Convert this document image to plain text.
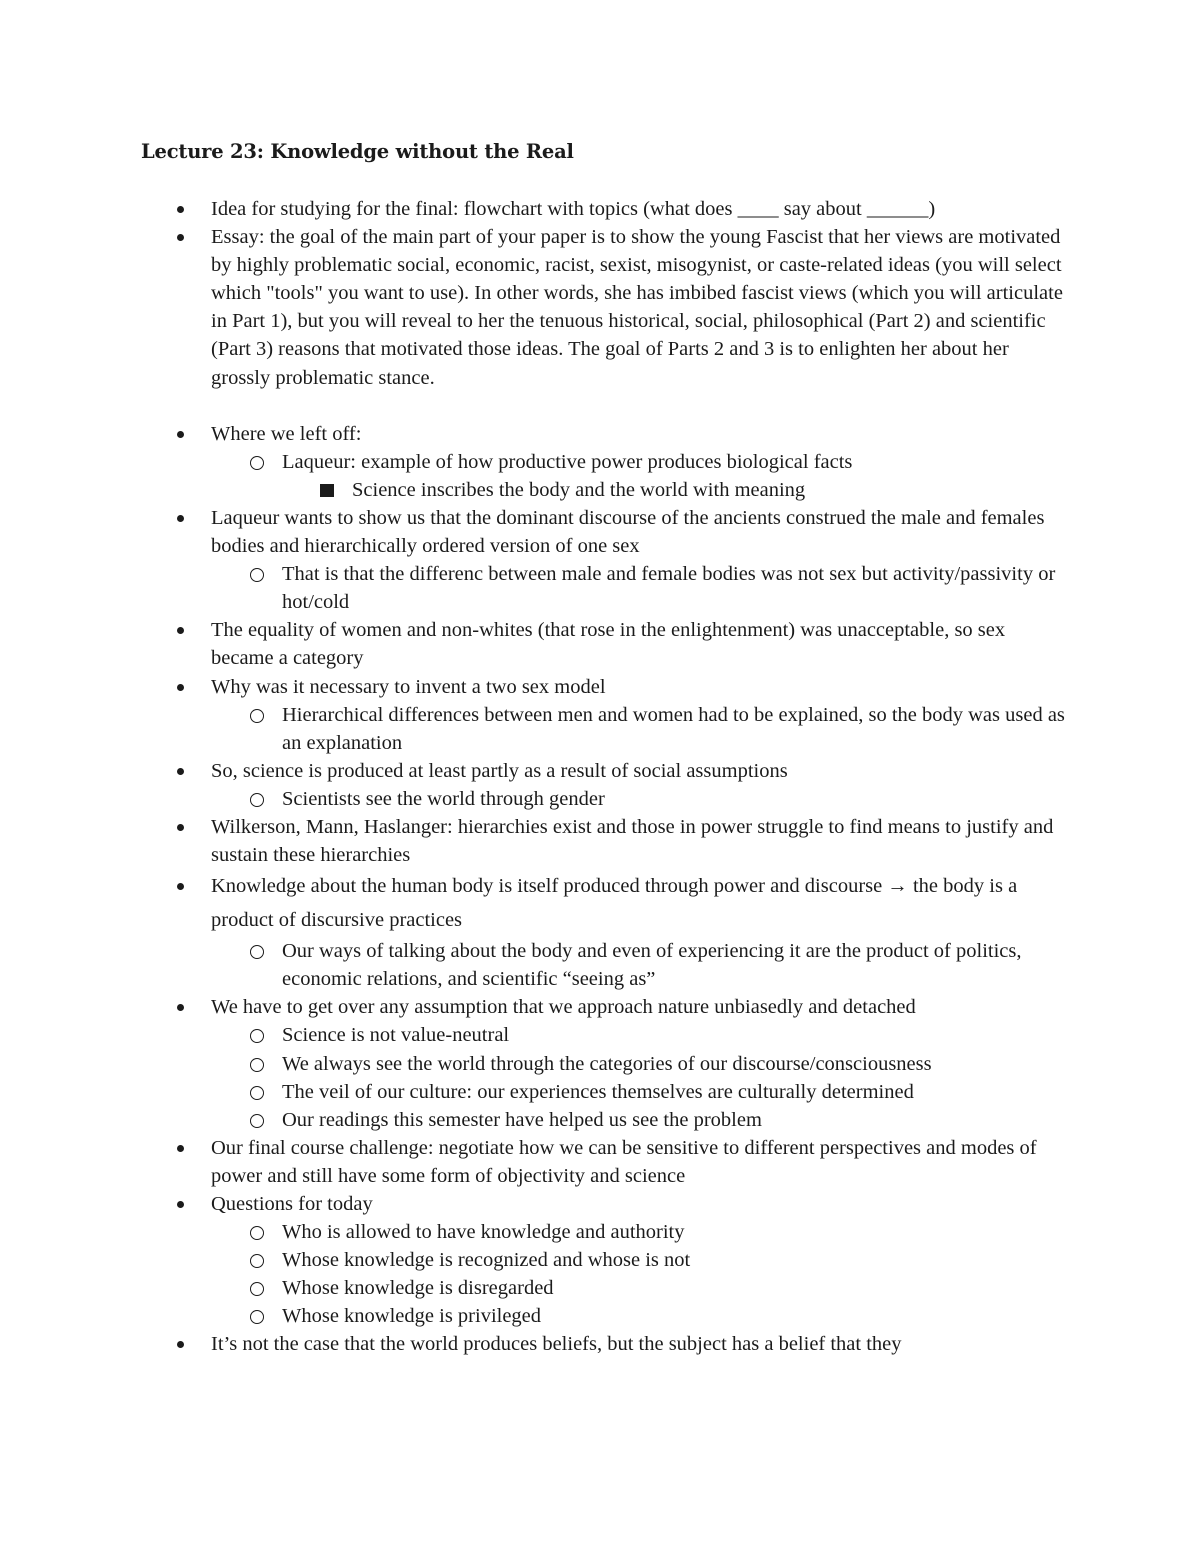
Lecture 23: Knowledge without the Real
Idea for studying for the final: flowchart with topics (what does ____ say about ______)
Essay: the goal of the main part of your paper is to show the young Fascist that her views are motivated by highly problematic social, economic, racist, sexist, misogynist, or caste-related ideas (you will select which "tools" you want to use). In other words, she has imbibed fascist views (which you will articulate in Part 1), but you will reveal to her the tenuous historical, social, philosophical (Part 2) and scientific (Part 3) reasons that motivated those ideas. The goal of Parts 2 and 3 is to enlighten her about her grossly problematic stance.
Where we left off:
Laqueur: example of how productive power produces biological facts
Science inscribes the body and the world with meaning
Laqueur wants to show us that the dominant discourse of the ancients construed the male and females bodies and hierarchically ordered version of one sex
That is that the differenc between male and female bodies was not sex but activity/passivity or hot/cold
The equality of women and non-whites (that rose in the enlightenment) was unacceptable, so sex became a category
Why was it necessary to invent a two sex model
Hierarchical differences between men and women had to be explained, so the body was used as an explanation
So, science is produced at least partly as a result of social assumptions
Scientists see the world through gender
Wilkerson, Mann, Haslanger: hierarchies exist and those in power struggle to find means to justify and sustain these hierarchies
Knowledge about the human body is itself produced through power and discourse → the body is a product of discursive practices
Our ways of talking about the body and even of experiencing it are the product of politics, economic relations, and scientific “seeing as”
We have to get over any assumption that we approach nature unbiasedly and detached
Science is not value-neutral
We always see the world through the categories of our discourse/consciousness
The veil of our culture: our experiences themselves are culturally determined
Our readings this semester have helped us see the problem
Our final course challenge: negotiate how we can be sensitive to different perspectives and modes of power and still have some form of objectivity and science
Questions for today
Who is allowed to have knowledge and authority
Whose knowledge is recognized and whose is not
Whose knowledge is disregarded
Whose knowledge is privileged
It’s not the case that the world produces beliefs, but the subject has a belief that they
